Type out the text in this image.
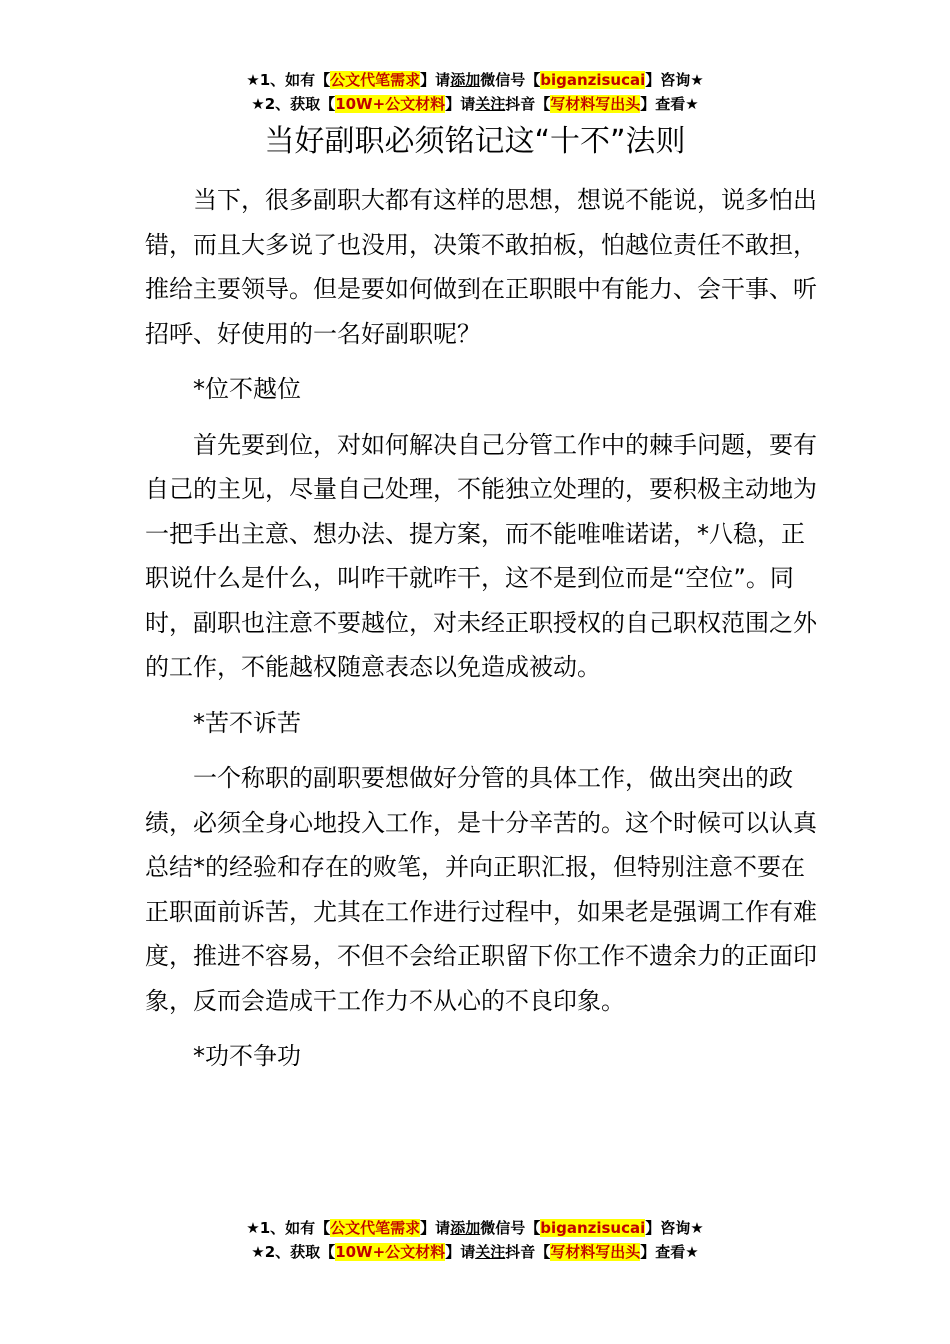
★1、如有【公文代笔需求】请添加微信号【biganzisucai】咨询★
★2、获取【10W+公文材料】请关注抖音【写材料写出头】查看★
当好副职必须铭记这“十不”法则

当下，很多副职大都有这样的思想，想说不能说，说多怕出错，而且大多说了也没用，决策不敢拍板，怕越位责任不敢担，推给主要领导。但是要如何做到在正职眼中有能力、会干事、听招呼、好使用的一名好副职呢？

*位不越位

首先要到位，对如何解决自己分管工作中的棘手问题，要有自己的主见，尽量自己处理，不能独立处理的，要积极主动地为一把手出主意、想办法、提方案，而不能唯唯诺诺，*八稳，正职说什么是什么，叫咋干就咋干，这不是到位而是“空位”。同时，副职也注意不要越位，对未经正职授权的自己职权范围之外的工作，不能越权随意表态以免造成被动。

*苦不诉苦

一个称职的副职要想做好分管的具体工作，做出突出的政绩，必须全身心地投入工作，是十分辛苦的。这个时候可以认真总结*的经验和存在的败笔，并向正职汇报，但特别注意不要在正职面前诉苦，尤其在工作进行过程中，如果老是强调工作有难度，推进不容易，不但不会给正职留下你工作不遗余力的正面印象，反而会造成干工作力不从心的不良印象。

*功不争功

★1、如有【公文代笔需求】请添加微信号【biganzisucai】咨询★
★2、获取【10W+公文材料】请关注抖音【写材料写出头】查看★
